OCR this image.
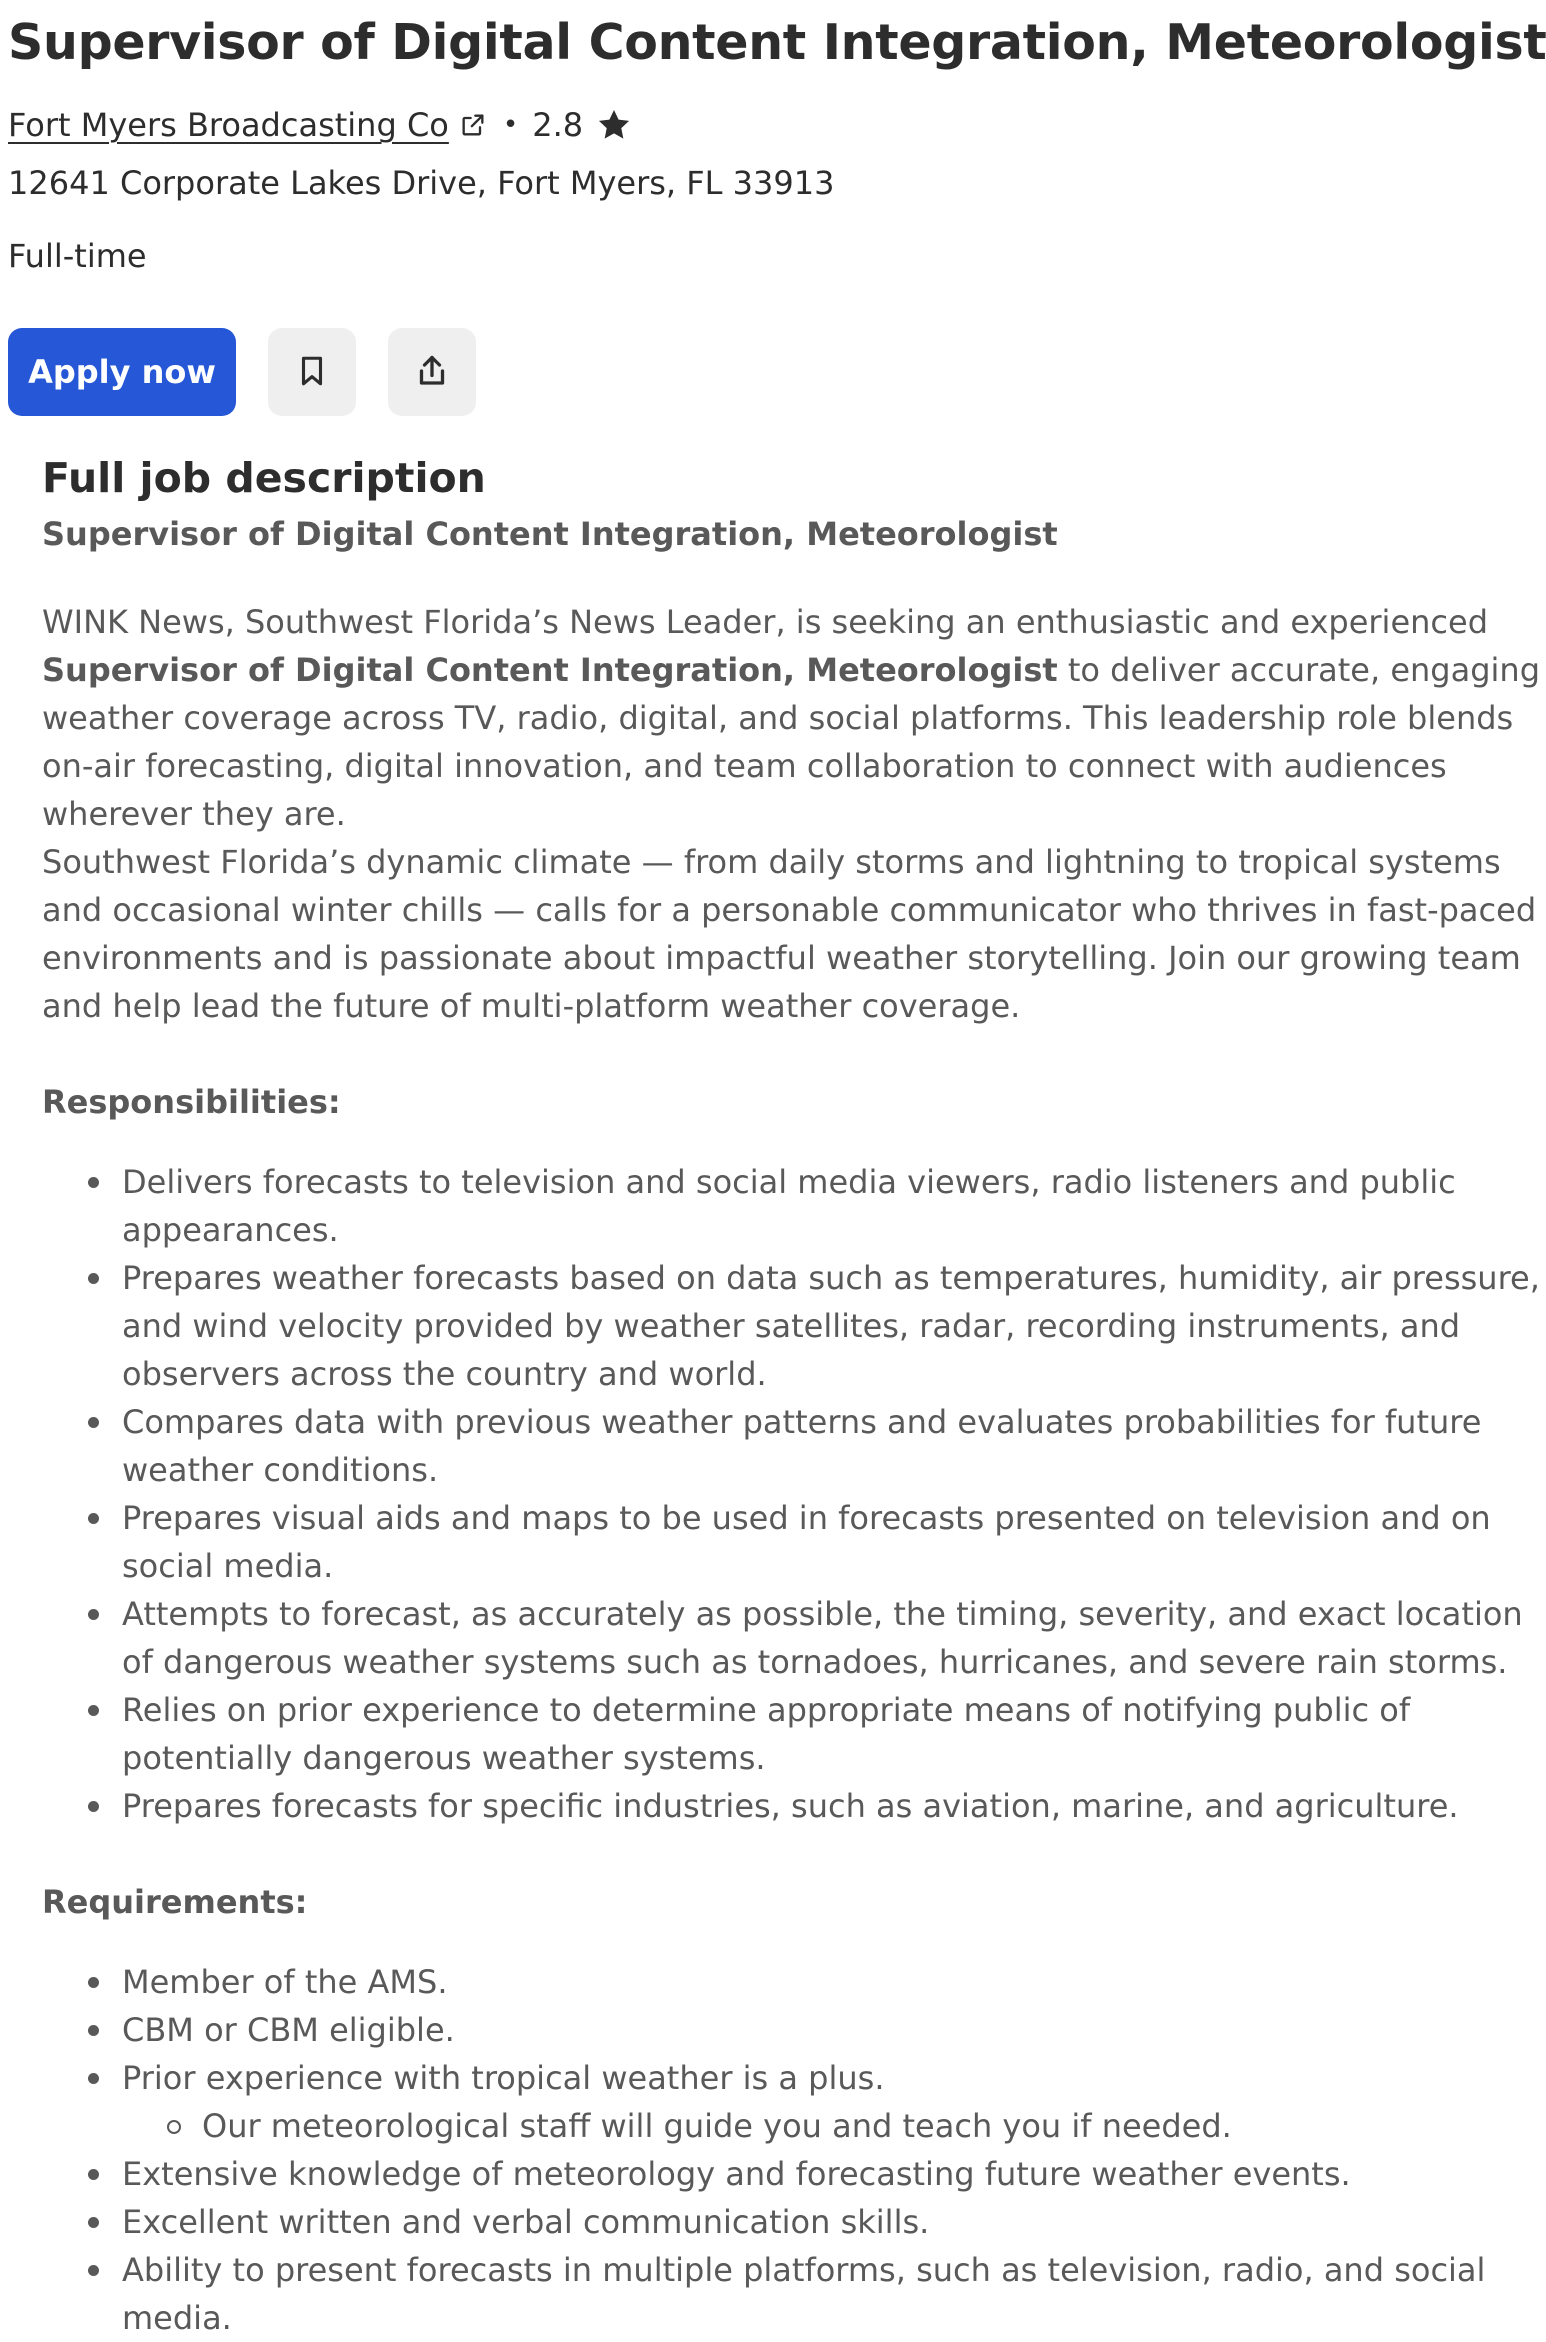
Supervisor of Digital Content Integration, Meteorologist
Fort Myers Broadcasting Co • 2.8
12641 Corporate Lakes Drive, Fort Myers, FL 33913
Full-time
Apply now
Full job description
Supervisor of Digital Content Integration, Meteorologist

WINK News, Southwest Florida’s News Leader, is seeking an enthusiastic and experienced
Supervisor of Digital Content Integration, Meteorologist to deliver accurate, engaging
weather coverage across TV, radio, digital, and social platforms. This leadership role blends
on-air forecasting, digital innovation, and team collaboration to connect with audiences
wherever they are.

Southwest Florida’s dynamic climate — from daily storms and lightning to tropical systems
and occasional winter chills — calls for a personable communicator who thrives in fast-paced
environments and is passionate about impactful weather storytelling. Join our growing team
and help lead the future of multi-platform weather coverage.

Responsibilities:
Delivers forecasts to television and social media viewers, radio listeners and public
appearances.
Prepares weather forecasts based on data such as temperatures, humidity, air pressure,
and wind velocity provided by weather satellites, radar, recording instruments, and
observers across the country and world.
Compares data with previous weather patterns and evaluates probabilities for future
weather conditions.
Prepares visual aids and maps to be used in forecasts presented on television and on
social media.
Attempts to forecast, as accurately as possible, the timing, severity, and exact location
of dangerous weather systems such as tornadoes, hurricanes, and severe rain storms.
Relies on prior experience to determine appropriate means of notifying public of
potentially dangerous weather systems.
Prepares forecasts for specific industries, such as aviation, marine, and agriculture.
Requirements:
Member of the AMS.
CBM or CBM eligible.
Prior experience with tropical weather is a plus.
Our meteorological staff will guide you and teach you if needed.
Extensive knowledge of meteorology and forecasting future weather events.
Excellent written and verbal communication skills.
Ability to present forecasts in multiple platforms, such as television, radio, and social
media.
